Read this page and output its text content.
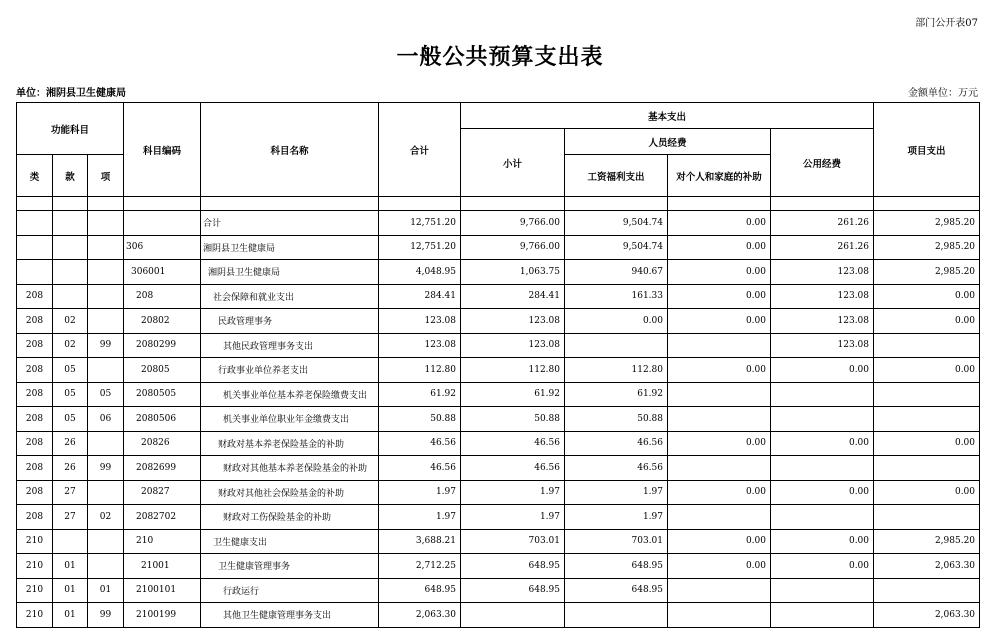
部门公开表07
一般公共预算支出表
单位：湘阴县卫生健康局	金额单位：万元
功能科目			科目编码	科目名称	合计	基本支出				项目支出
						小计	人员经费		公用经费	
类	款	项					工资福利支出	对个人和家庭的补助		

				合计	12,751.20	9,766.00	9,504.74	0.00	261.26	2,985.20
			306	湘阴县卫生健康局	12,751.20	9,766.00	9,504.74	0.00	261.26	2,985.20
			306001	湘阴县卫生健康局	4,048.95	1,063.75	940.67	0.00	123.08	2,985.20
208			208	社会保障和就业支出	284.41	284.41	161.33	0.00	123.08	0.00
208	02		20802	民政管理事务	123.08	123.08	0.00	0.00	123.08	0.00
208	02	99	2080299	其他民政管理事务支出	123.08	123.08			123.08	
208	05		20805	行政事业单位养老支出	112.80	112.80	112.80	0.00	0.00	0.00
208	05	05	2080505	机关事业单位基本养老保险缴费支出	61.92	61.92	61.92			
208	05	06	2080506	机关事业单位职业年金缴费支出	50.88	50.88	50.88			
208	26		20826	财政对基本养老保险基金的补助	46.56	46.56	46.56	0.00	0.00	0.00
208	26	99	2082699	财政对其他基本养老保险基金的补助	46.56	46.56	46.56			
208	27		20827	财政对其他社会保险基金的补助	1.97	1.97	1.97	0.00	0.00	0.00
208	27	02	2082702	财政对工伤保险基金的补助	1.97	1.97	1.97			
210			210	卫生健康支出	3,688.21	703.01	703.01	0.00	0.00	2,985.20
210	01		21001	卫生健康管理事务	2,712.25	648.95	648.95	0.00	0.00	2,063.30
210	01	01	2100101	行政运行	648.95	648.95	648.95			
210	01	99	2100199	其他卫生健康管理事务支出	2,063.30					2,063.30
